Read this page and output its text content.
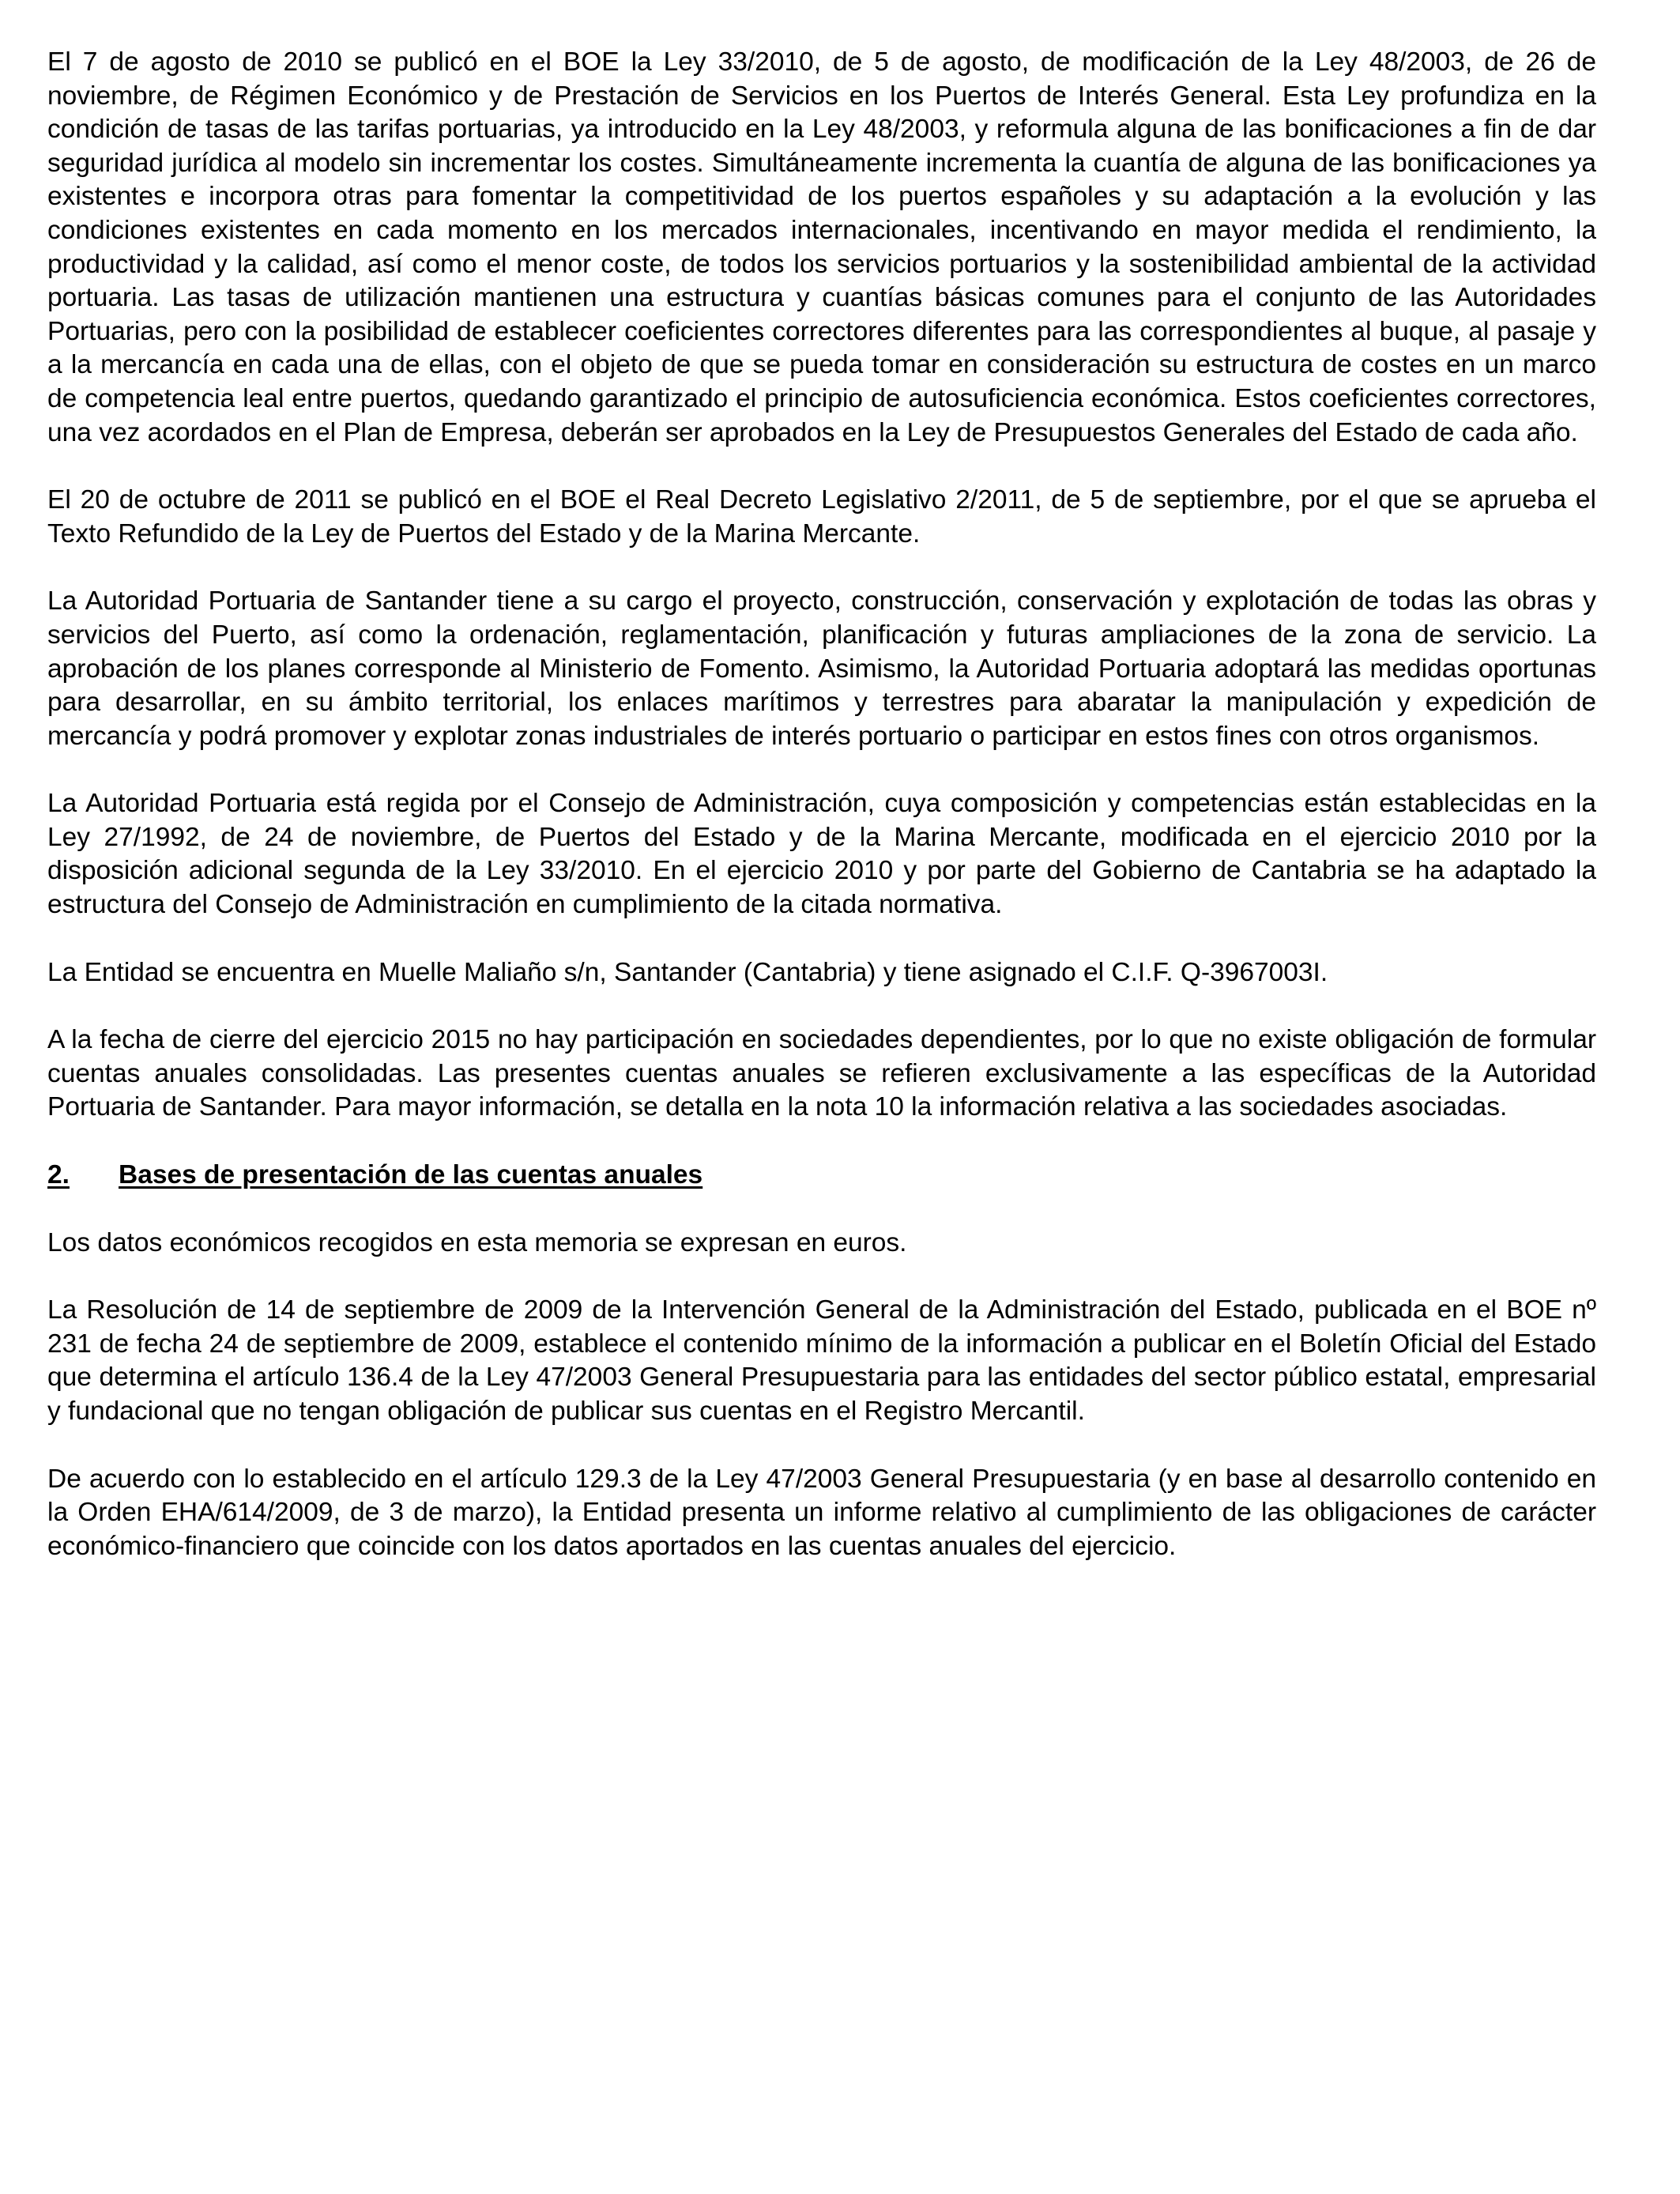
El 7 de agosto de 2010 se publicó en el BOE la Ley 33/2010, de 5 de agosto, de modificación de la Ley 48/2003, de 26 de noviembre, de Régimen Económico y de Prestación de Servicios en los Puertos de Interés General. Esta Ley profundiza en la condición de tasas de las tarifas portuarias, ya introducido en la Ley 48/2003, y reformula alguna de las bonificaciones a fin de dar seguridad jurídica al modelo sin incrementar los costes. Simultáneamente incrementa la cuantía de alguna de las bonificaciones ya existentes e incorpora otras para fomentar la competitividad de los puertos españoles y su adaptación a la evolución y las condiciones existentes en cada momento en los mercados internacionales, incentivando en mayor medida el rendimiento, la productividad y la calidad, así como el menor coste, de todos los servicios portuarios y la sostenibilidad ambiental de la actividad portuaria. Las tasas de utilización mantienen una estructura y cuantías básicas comunes para el conjunto de las Autoridades Portuarias, pero con la posibilidad de establecer coeficientes correctores diferentes para las correspondientes al buque, al pasaje y a la mercancía en cada una de ellas, con el objeto de que se pueda tomar en consideración su estructura de costes en un marco de competencia leal entre puertos, quedando garantizado el principio de autosuficiencia económica. Estos coeficientes correctores, una vez acordados en el Plan de Empresa, deberán ser aprobados en la Ley de Presupuestos Generales del Estado de cada año.

El 20 de octubre de 2011 se publicó en el BOE el Real Decreto Legislativo 2/2011, de 5 de septiembre, por el que se aprueba el Texto Refundido de la Ley de Puertos del Estado y de la Marina Mercante.

La Autoridad Portuaria de Santander tiene a su cargo el proyecto, construcción, conservación y explotación de todas las obras y servicios del Puerto, así como la ordenación, reglamentación, planificación y futuras ampliaciones de la zona de servicio. La aprobación de los planes corresponde al Ministerio de Fomento. Asimismo, la Autoridad Portuaria adoptará las medidas oportunas para desarrollar, en su ámbito territorial, los enlaces marítimos y terrestres para abaratar la manipulación y expedición de mercancía y podrá promover y explotar zonas industriales de interés portuario o participar en estos fines con otros organismos.

La Autoridad Portuaria está regida por el Consejo de Administración, cuya composición y competencias están establecidas en la Ley 27/1992, de 24 de noviembre, de Puertos del Estado y de la Marina Mercante, modificada en el ejercicio 2010 por la disposición adicional segunda de la Ley 33/2010. En el ejercicio 2010 y por parte del Gobierno de Cantabria se ha adaptado la estructura del Consejo de Administración en cumplimiento de la citada normativa.

La Entidad se encuentra en Muelle Maliaño s/n, Santander (Cantabria) y tiene asignado el C.I.F. Q-3967003I.

A la fecha de cierre del ejercicio 2015 no hay participación en sociedades dependientes, por lo que no existe obligación de formular cuentas anuales consolidadas. Las presentes cuentas anuales se refieren exclusivamente a las específicas de la Autoridad Portuaria de Santander. Para mayor información, se detalla en la nota 10 la información relativa a las sociedades asociadas.

2.	Bases de presentación de las cuentas anuales

Los datos económicos recogidos en esta memoria se expresan en euros.

La Resolución de 14 de septiembre de 2009 de la Intervención General de la Administración del Estado, publicada en el BOE nº 231 de fecha 24 de septiembre de 2009, establece el contenido mínimo de la información a publicar en el Boletín Oficial del Estado que determina el artículo 136.4 de la Ley 47/2003 General Presupuestaria para las entidades del sector público estatal, empresarial y fundacional que no tengan obligación de publicar sus cuentas en el Registro Mercantil.

De acuerdo con lo establecido en el artículo 129.3 de la Ley 47/2003 General Presupuestaria (y en base al desarrollo contenido en la Orden EHA/614/2009, de 3 de marzo), la Entidad presenta un informe relativo al cumplimiento de las obligaciones de carácter económico-financiero que coincide con los datos aportados en las cuentas anuales del ejercicio.
